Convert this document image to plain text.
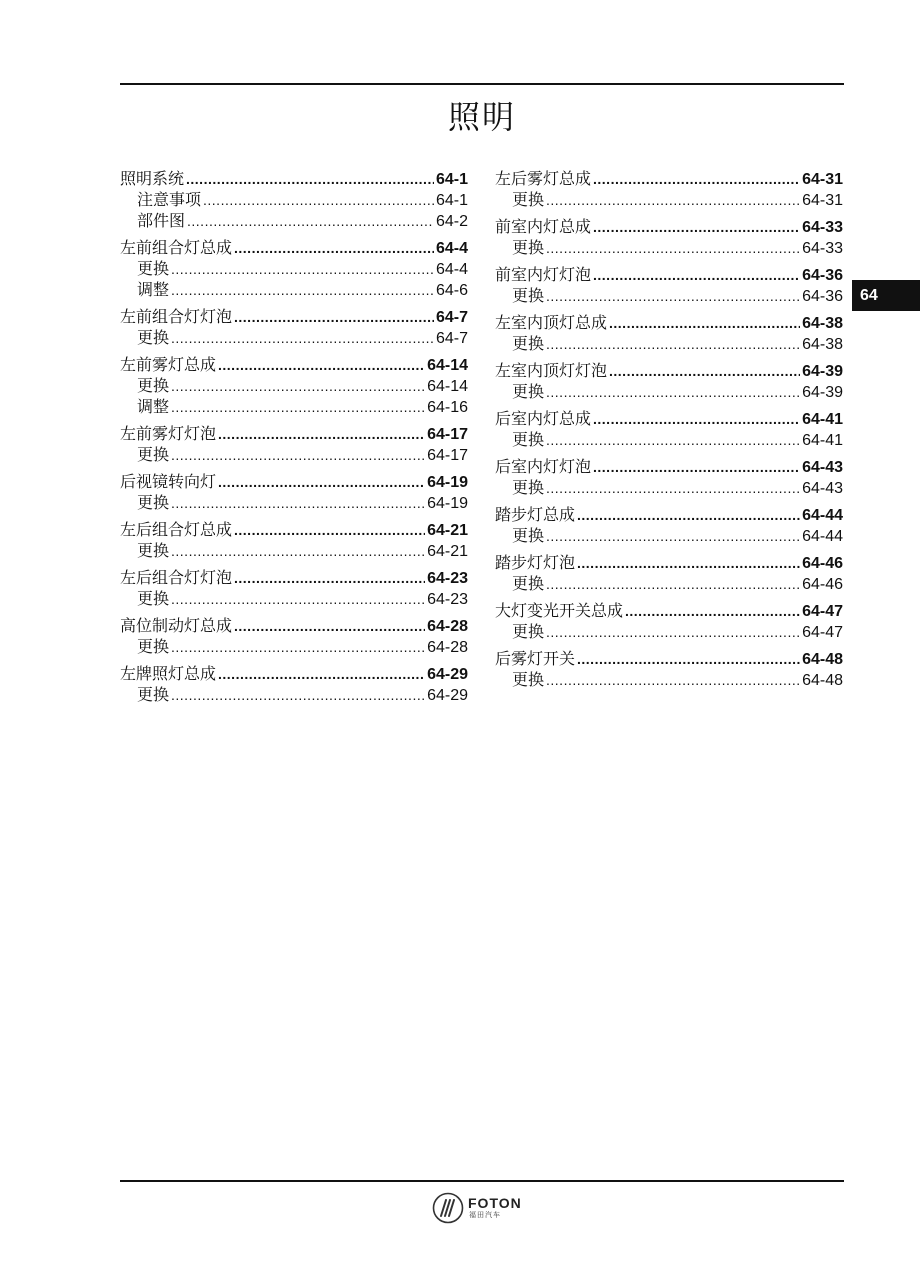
照明
照明系统 .....	64-1
注意事项 .....	64-1
部件图 .....	64-2
左前组合灯总成 .....	64-4
更换 .....	64-4
调整 .....	64-6
左前组合灯灯泡 .....	64-7
更换 .....	64-7
左前雾灯总成 .....	64-14
更换 .....	64-14
调整 .....	64-16
左前雾灯灯泡 .....	64-17
更换 .....	64-17
后视镜转向灯 .....	64-19
更换 .....	64-19
左后组合灯总成 .....	64-21
更换 .....	64-21
左后组合灯灯泡 .....	64-23
更换 .....	64-23
高位制动灯总成 .....	64-28
更换 .....	64-28
左牌照灯总成 .....	64-29
更换 .....	64-29
左后雾灯总成 .....	64-31
更换 .....	64-31
前室内灯总成 .....	64-33
更换 .....	64-33
前室内灯灯泡 .....	64-36
更换 .....	64-36
左室内顶灯总成 .....	64-38
更换 .....	64-38
左室内顶灯灯泡 .....	64-39
更换 .....	64-39
后室内灯总成 .....	64-41
更换 .....	64-41
后室内灯灯泡 .....	64-43
更换 .....	64-43
踏步灯总成 .....	64-44
更换 .....	64-44
踏步灯灯泡 .....	64-46
更换 .....	64-46
大灯变光开关总成 .....	64-47
更换 .....	64-47
后雾灯开关 .....	64-48
更换 .....	64-48
64
FOTON
福田汽车
